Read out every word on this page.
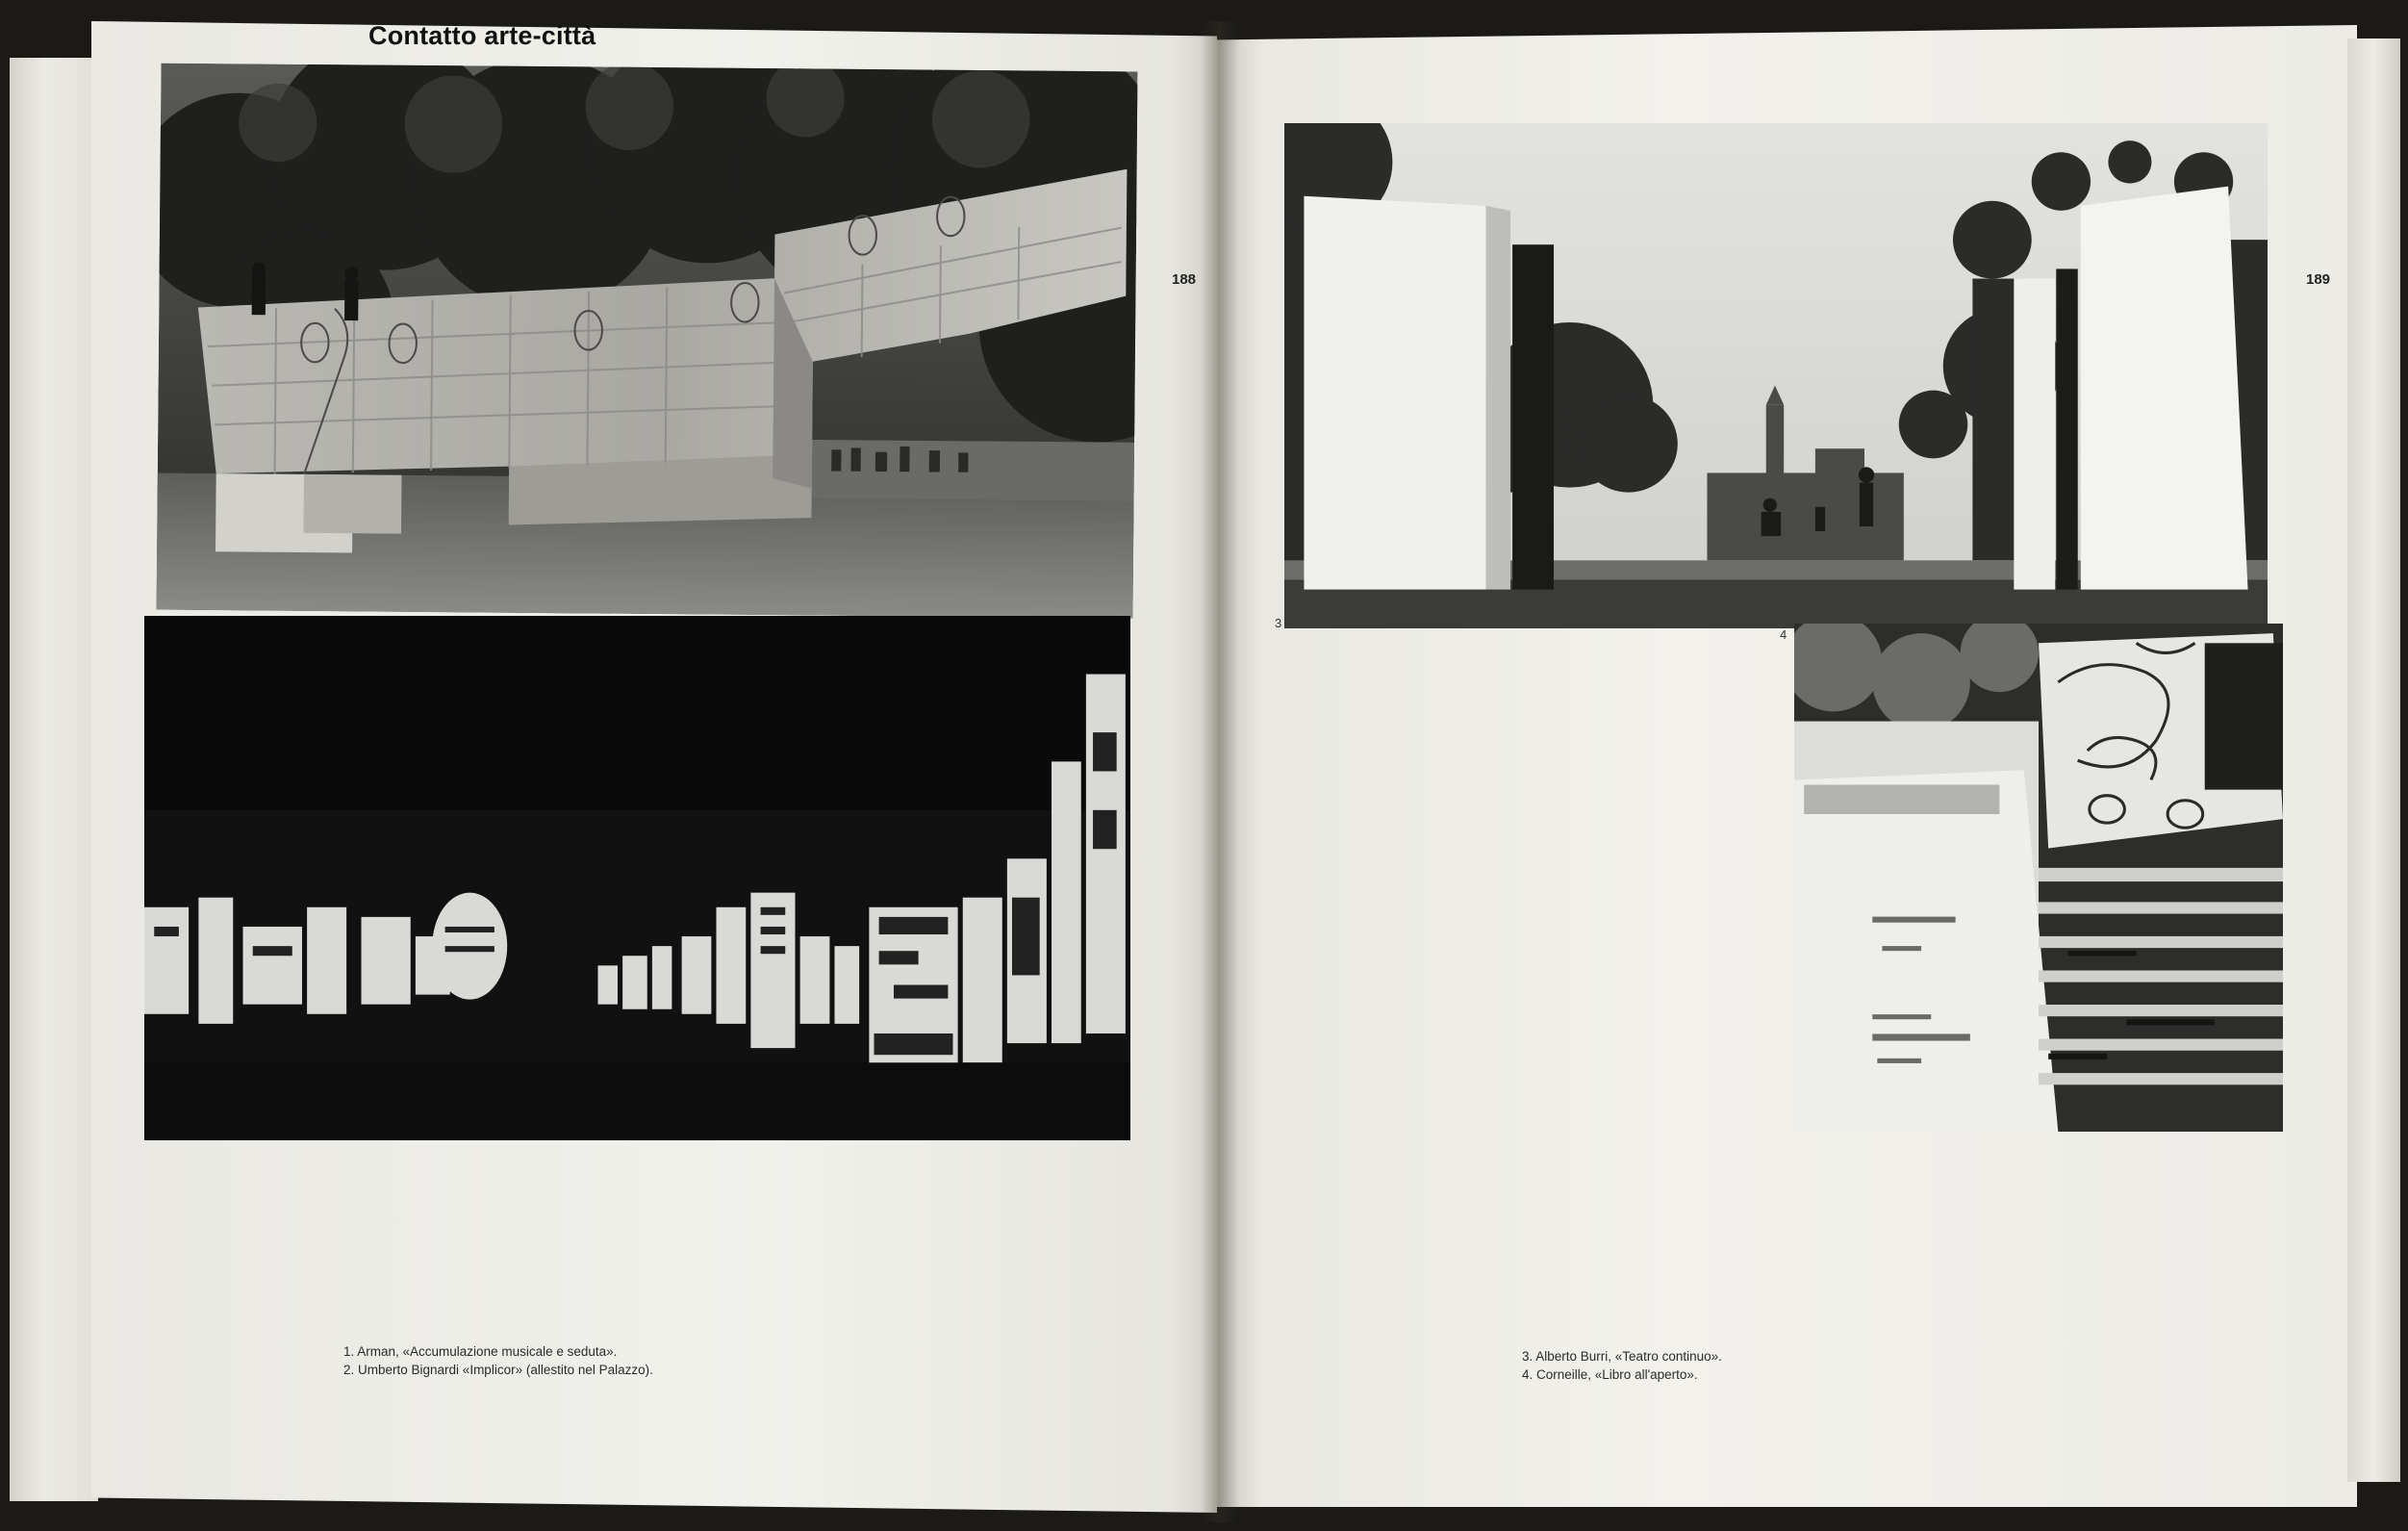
Contatto arte-città
188
1. Arman, «Accumulazione musicale e seduta».
2. Umberto Bignardi «Implicor» (allestito nel Palazzo).
189
3
4
3. Alberto Burri, «Teatro continuo».
4. Corneille, «Libro all'aperto».
